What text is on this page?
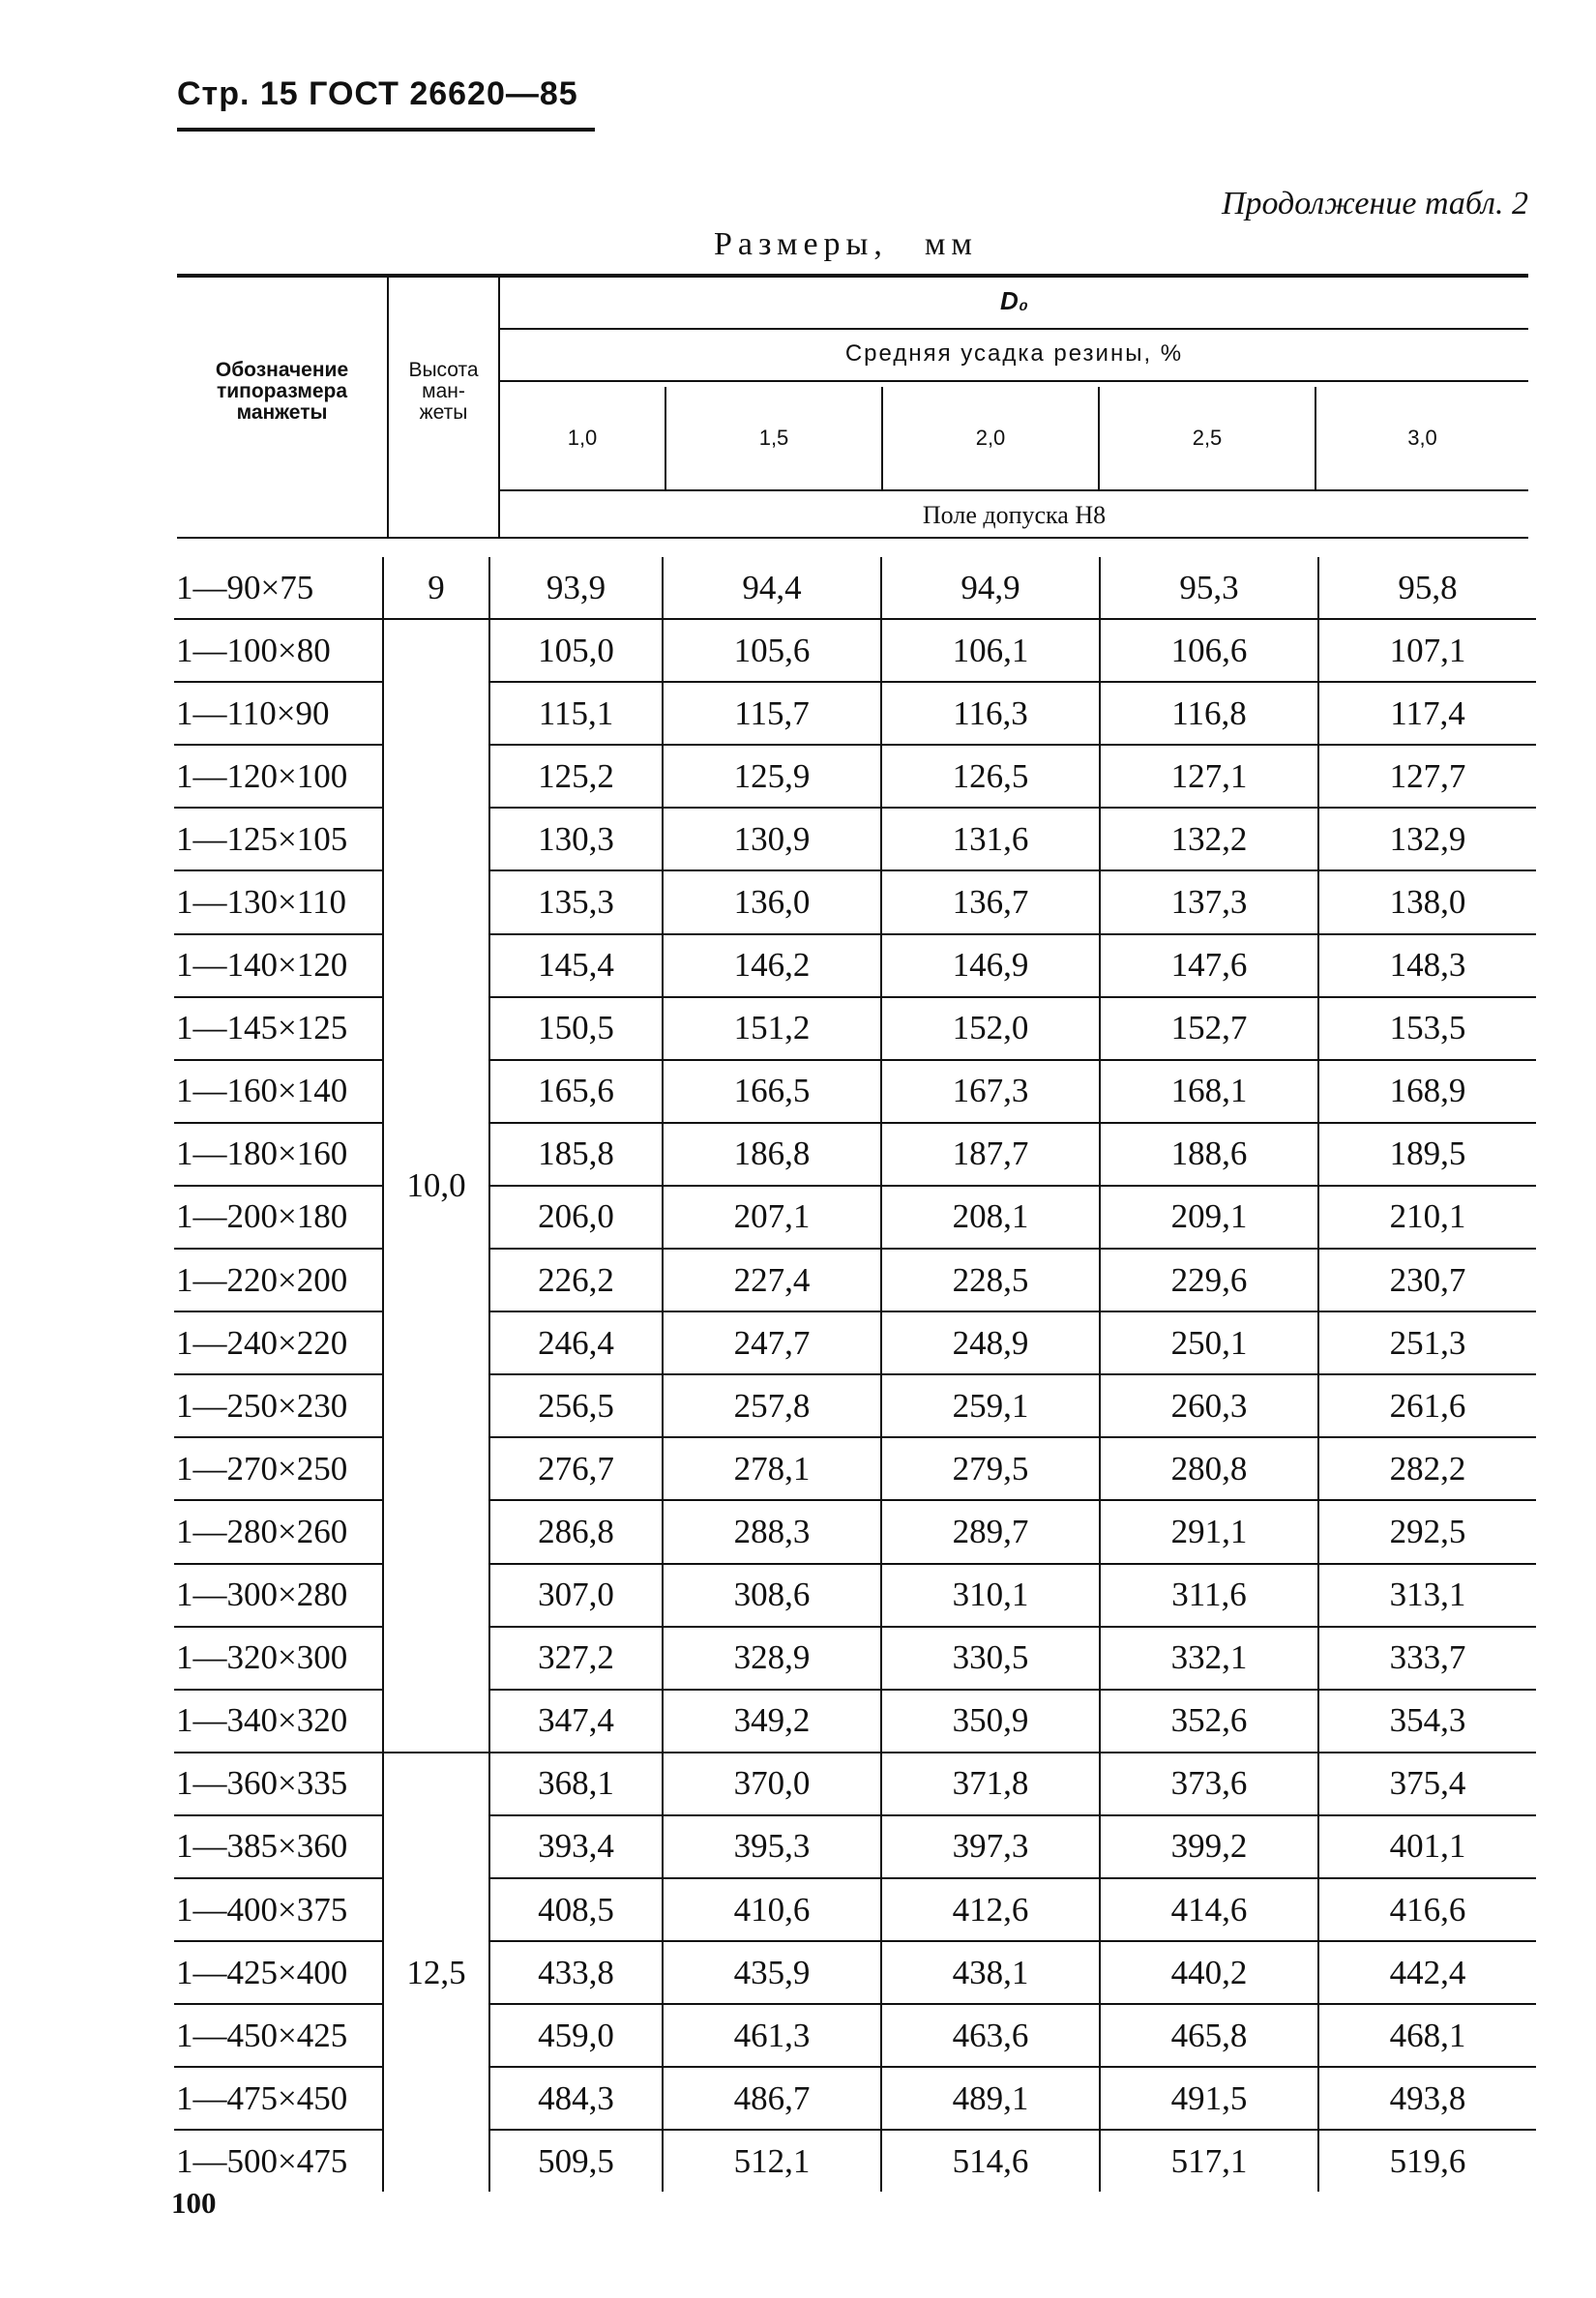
Стр. 15 ГОСТ 26620—85
Продолжение табл. 2
Размеры, мм
Обозначение
типоразмера
манжеты
Высота
ман-
жеты
D₀
Средняя усадка резины, %
1,0	1,5	2,0	2,5	3,0
Поле допуска H8
1—90×75	9	93,9	94,4	94,9	95,3	95,8
1—100×80	10,0	105,0	105,6	106,1	106,6	107,1
1—110×90		115,1	115,7	116,3	116,8	117,4
1—120×100		125,2	125,9	126,5	127,1	127,7
1—125×105		130,3	130,9	131,6	132,2	132,9
1—130×110		135,3	136,0	136,7	137,3	138,0
1—140×120		145,4	146,2	146,9	147,6	148,3
1—145×125		150,5	151,2	152,0	152,7	153,5
1—160×140		165,6	166,5	167,3	168,1	168,9
1—180×160		185,8	186,8	187,7	188,6	189,5
1—200×180		206,0	207,1	208,1	209,1	210,1
1—220×200		226,2	227,4	228,5	229,6	230,7
1—240×220		246,4	247,7	248,9	250,1	251,3
1—250×230		256,5	257,8	259,1	260,3	261,6
1—270×250		276,7	278,1	279,5	280,8	282,2
1—280×260		286,8	288,3	289,7	291,1	292,5
1—300×280		307,0	308,6	310,1	311,6	313,1
1—320×300		327,2	328,9	330,5	332,1	333,7
1—340×320		347,4	349,2	350,9	352,6	354,3
1—360×335	12,5	368,1	370,0	371,8	373,6	375,4
1—385×360		393,4	395,3	397,3	399,2	401,1
1—400×375		408,5	410,6	412,6	414,6	416,6
1—425×400		433,8	435,9	438,1	440,2	442,4
1—450×425		459,0	461,3	463,6	465,8	468,1
1—475×450		484,3	486,7	489,1	491,5	493,8
1—500×475		509,5	512,1	514,6	517,1	519,6
100
